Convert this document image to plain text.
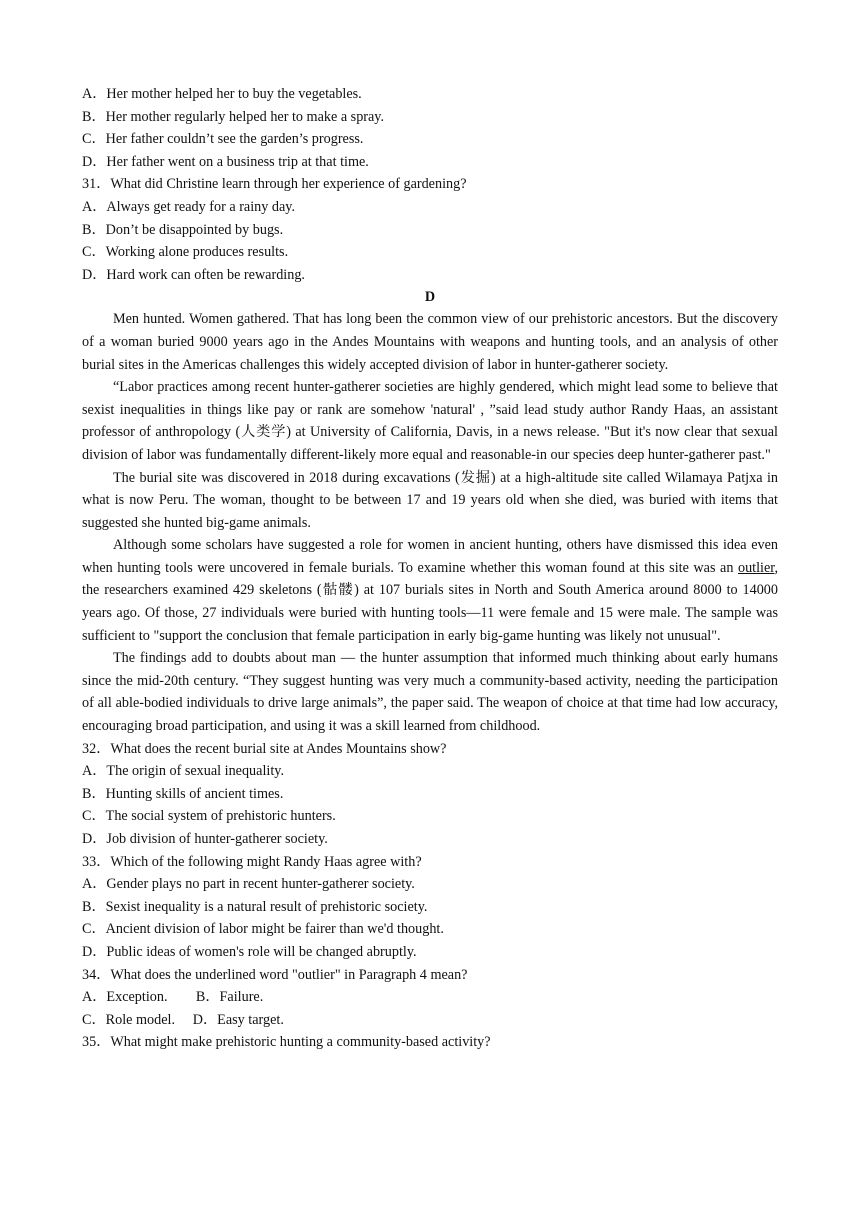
A．Her mother helped her to buy the vegetables.
B．Her mother regularly helped her to make a spray.
C．Her father couldn’t see the garden’s progress.
D．Her father went on a business trip at that time.
31．What did Christine learn through her experience of gardening?
A．Always get ready for a rainy day.
B．Don’t be disappointed by bugs.
C．Working alone produces results.
D．Hard work can often be rewarding.
D

Men hunted. Women gathered. That has long been the common view of our prehistoric ancestors. But the discovery of a woman buried 9000 years ago in the Andes Mountains with weapons and hunting tools, and an analysis of other burial sites in the Americas challenges this widely accepted division of labor in hunter-gatherer society.

“Labor practices among recent hunter-gatherer societies are highly gendered, which might lead some to believe that sexist inequalities in things like pay or rank are somehow 'natural' , ”said lead study author Randy Haas, an assistant professor of anthropology (人类学) at University of California, Davis, in a news release. "But it's now clear that sexual division of labor was fundamentally different-likely more equal and reasonable-in our species deep hunter-gatherer past."

The burial site was discovered in 2018 during excavations (发掘) at a high-altitude site called Wilamaya Patjxa in what is now Peru. The woman, thought to be between 17 and 19 years old when she died, was buried with items that suggested she hunted big-game animals.

Although some scholars have suggested a role for women in ancient hunting, others have dismissed this idea even when hunting tools were uncovered in female burials. To examine whether this woman found at this site was an outlier, the researchers examined 429 skeletons (骷髅) at 107 burials sites in North and South America around 8000 to 14000 years ago. Of those, 27 individuals were buried with hunting tools—11 were female and 15 were male. The sample was sufficient to "support the conclusion that female participation in early big-game hunting was likely not unusual".

The findings add to doubts about man — the hunter assumption that informed much thinking about early humans since the mid-20th century. “They suggest hunting was very much a community-based activity, needing the participation of all able-bodied individuals to drive large animals”, the paper said. The weapon of choice at that time had low accuracy, encouraging broad participation, and using it was a skill learned from childhood.

32．What does the recent burial site at Andes Mountains show?
A．The origin of sexual inequality.
B．Hunting skills of ancient times.
C．The social system of prehistoric hunters.
D．Job division of hunter-gatherer society.
33．Which of the following might Randy Haas agree with?
A．Gender plays no part in recent hunter-gatherer society.
B．Sexist inequality is a natural result of prehistoric society.
C．Ancient division of labor might be fairer than we'd thought.
D．Public ideas of women's role will be changed abruptly.
34．What does the underlined word "outlier" in Paragraph 4 mean?
A．Exception.　　B．Failure.
C．Role model.　 D．Easy target.
35．What might make prehistoric hunting a community-based activity?
